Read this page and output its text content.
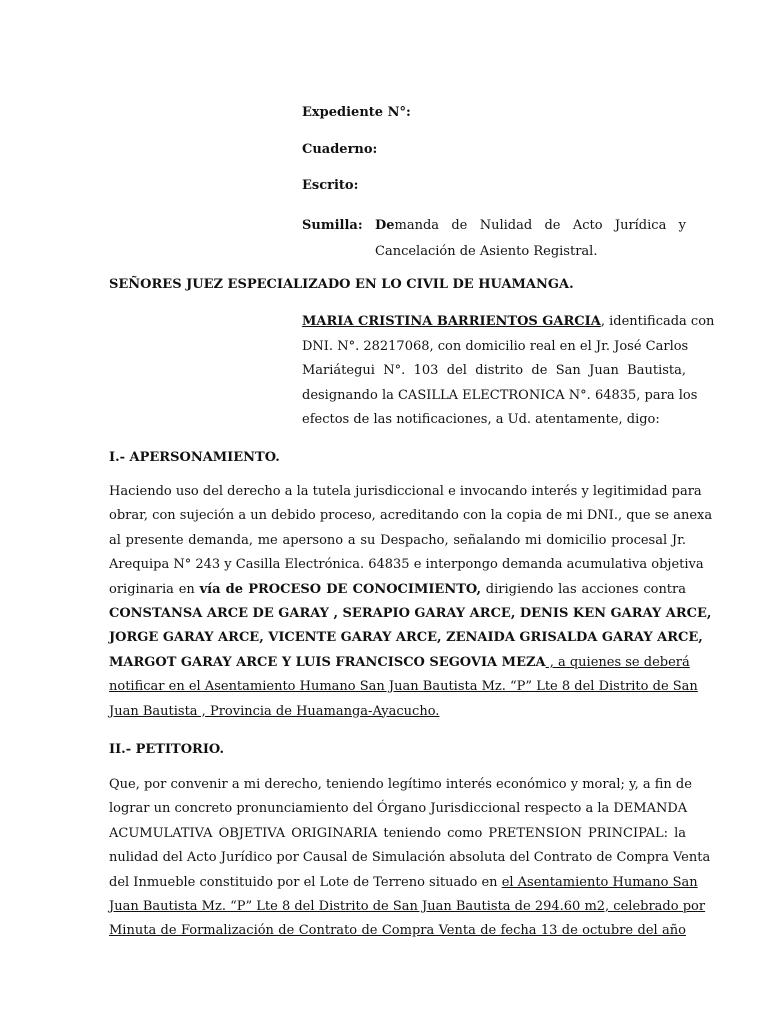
Expediente N°:
Cuaderno:
Escrito:
Sumilla: Demanda de Nulidad de Acto Jurídica y
Cancelación de Asiento Registral.
SEÑORES JUEZ ESPECIALIZADO EN LO CIVIL DE HUAMANGA.
MARIA CRISTINA BARRIENTOS GARCIA, identificada con
DNI. N°. 28217068, con domicilio real en el Jr. José Carlos
Mariátegui N°. 103 del distrito de San Juan Bautista,
designando la CASILLA ELECTRONICA N°. 64835, para los
efectos de las notificaciones, a Ud. atentamente, digo:
I.- APERSONAMIENTO.
Haciendo uso del derecho a la tutela jurisdiccional e invocando interés y legitimidad para
obrar, con sujeción a un debido proceso, acreditando con la copia de mi DNI., que se anexa
al presente demanda, me apersono a su Despacho, señalando mi domicilio procesal Jr.
Arequipa N° 243 y Casilla Electrónica. 64835 e interpongo demanda acumulativa objetiva
originaria en vía de PROCESO DE CONOCIMIENTO, dirigiendo las acciones contra
CONSTANSA ARCE DE GARAY , SERAPIO GARAY ARCE, DENIS KEN GARAY ARCE,
JORGE GARAY ARCE, VICENTE GARAY ARCE, ZENAIDA GRISALDA GARAY ARCE,
MARGOT GARAY ARCE Y LUIS FRANCISCO SEGOVIA MEZA , a quienes se deberá
notificar en el Asentamiento Humano San Juan Bautista Mz. “P” Lte 8 del Distrito de San
Juan Bautista , Provincia de Huamanga-Ayacucho.
II.- PETITORIO.
Que, por convenir a mi derecho, teniendo legítimo interés económico y moral; y, a fin de
lograr un concreto pronunciamiento del Órgano Jurisdiccional respecto a la DEMANDA
ACUMULATIVA OBJETIVA ORIGINARIA teniendo como PRETENSION PRINCIPAL: la
nulidad del Acto Jurídico por Causal de Simulación absoluta del Contrato de Compra Venta
del Inmueble constituido por el Lote de Terreno situado en el Asentamiento Humano San
Juan Bautista Mz. “P” Lte 8 del Distrito de San Juan Bautista de 294.60 m2, celebrado por
Minuta de Formalización de Contrato de Compra Venta de fecha 13 de octubre del año
